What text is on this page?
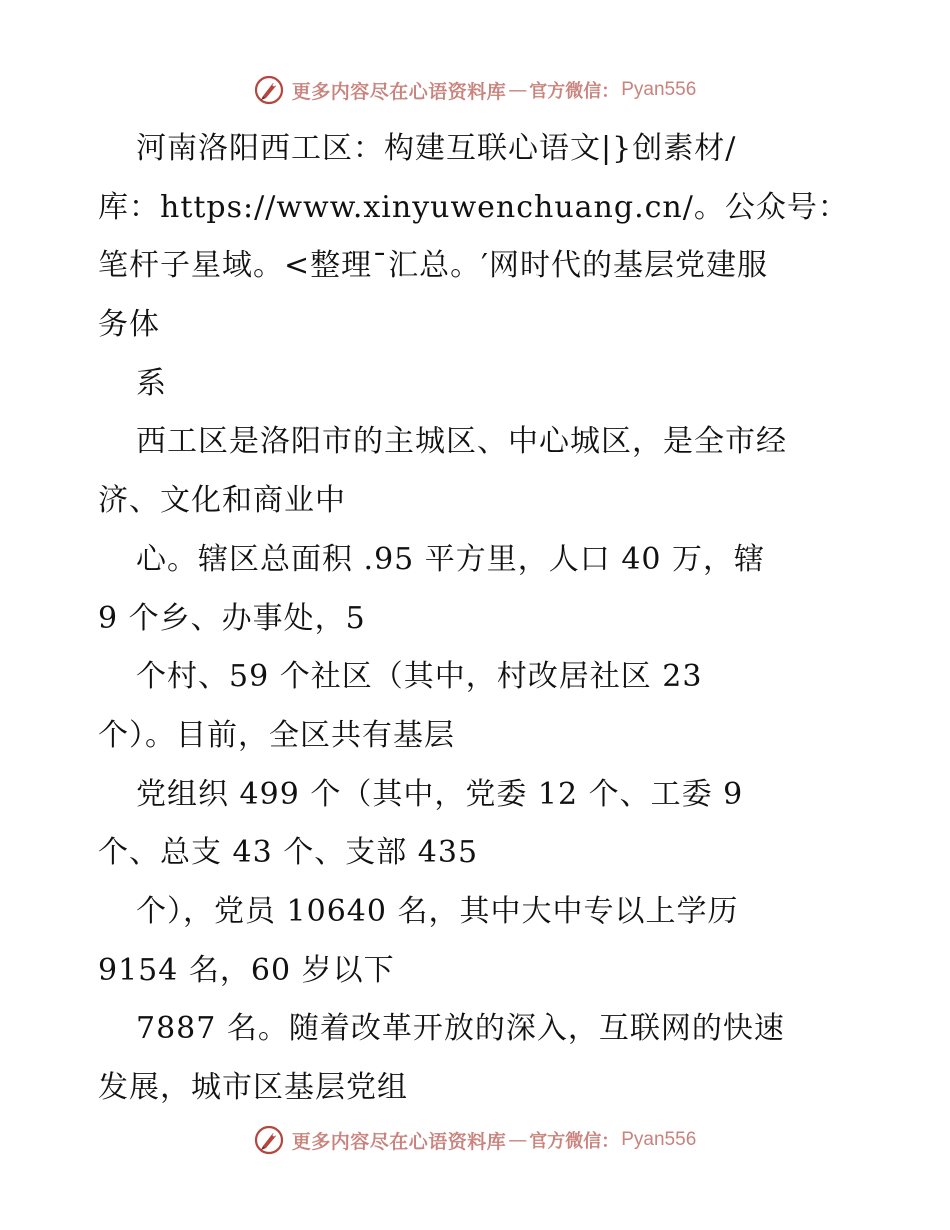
更多内容尽在心语资料库 — 官方微信： Pyan556
河南洛阳西工区：构建互联心语文|}创素材/
库：https://www.xinyuwenchuang.cn/。公众号：
笔杆子星域。<整理¯汇总。′网时代的基层党建服
务体
系
西工区是洛阳市的主城区、中心城区，是全市经
济、文化和商业中
心。辖区总面积 .95 平方里，人口 40 万，辖
9 个乡、办事处，5
个村、59 个社区（其中，村改居社区 23
个）。目前，全区共有基层
党组织 499 个（其中，党委 12 个、工委 9
个、总支 43 个、支部 435
个），党员 10640 名，其中大中专以上学历
9154 名，60 岁以下
7887 名。随着改革开放的深入，互联网的快速
发展，城市区基层党组
更多内容尽在心语资料库 — 官方微信： Pyan556
